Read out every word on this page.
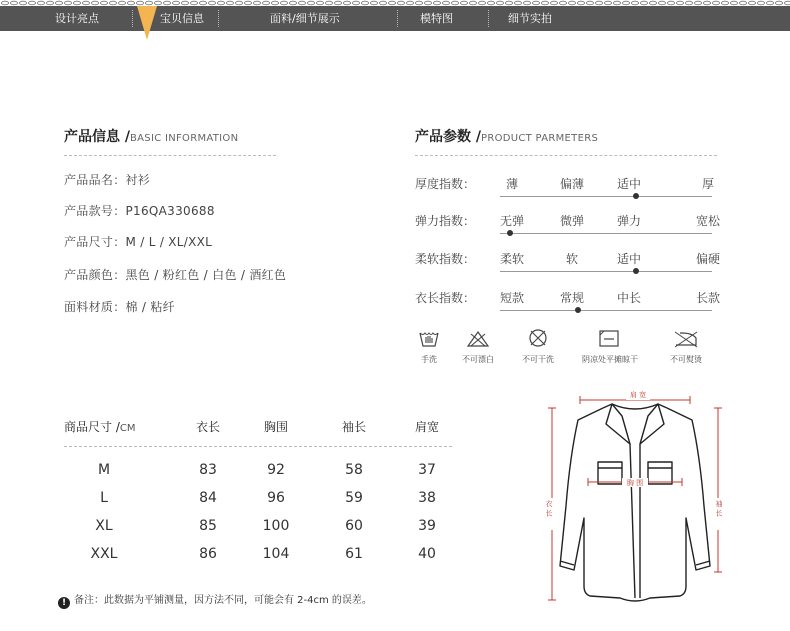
设计亮点	宝贝信息	面料/细节展示	模特图	细节实拍
产品信息 /BASIC INFORMATION
产品品名：衬衫
产品款号：P16QA330688
产品尺寸：M / L / XL/XXL
产品颜色：黑色 / 粉红色 / 白色 / 酒红色
面料材质：棉 / 粘纤
产品参数 /PRODUCT PARMETERS
厚度指数：	薄	偏薄	适中	厚
弹力指数：	无弹	微弹	弹力	宽松
柔软指数：	柔软	软	适中	偏硬
衣长指数：	短款	常规	中长	长款
手洗	不可漂白	不可干洗	阴凉处平摊晾干	不可熨烫
商品尺寸 /CM	衣长	胸围	袖长	肩宽
M	83	92	58	37
L	84	96	59	38
XL	85	100	60	39
XXL	86	104	61	40
! 备注：此数据为平铺测量，因方法不同，可能会有 2-4cm 的误差。
肩 宽
胸 围
衣 长	袖 长
